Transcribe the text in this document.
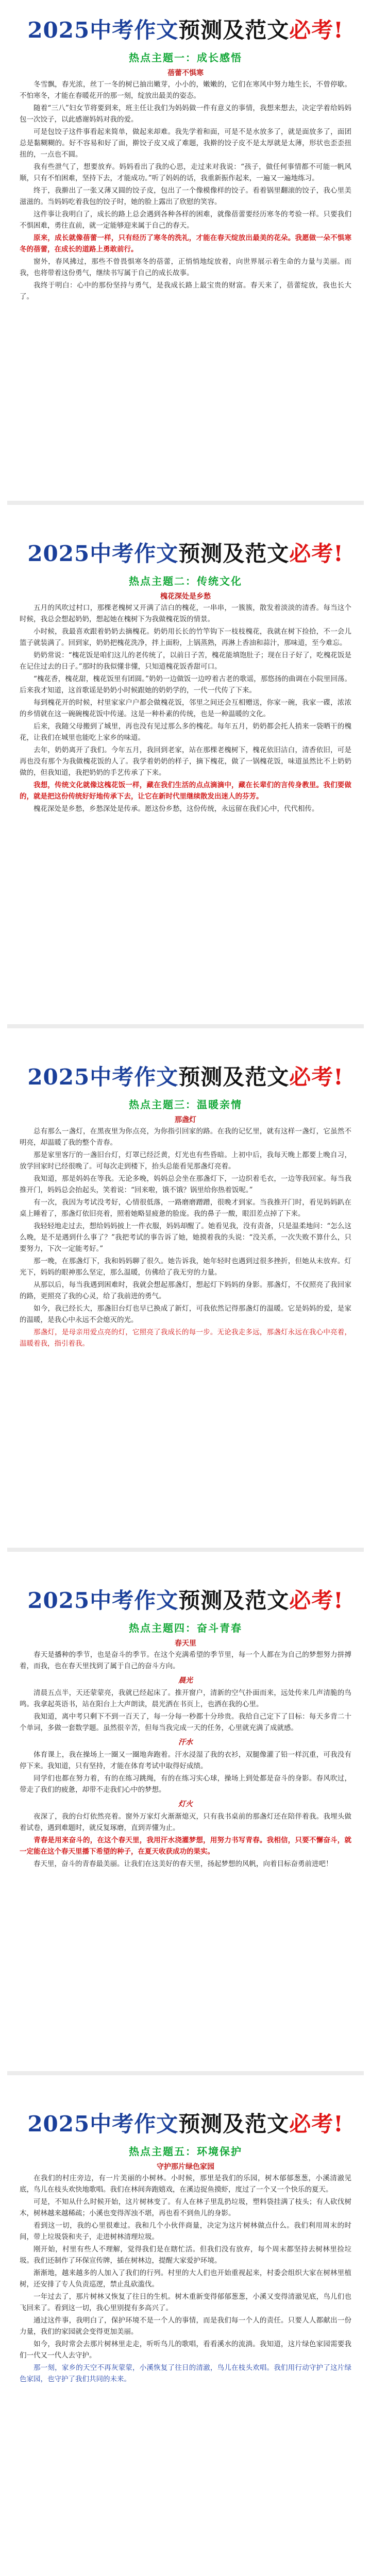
2025中考作文预测及范文必考!
热点主题一：成长感悟
蓓蕾不惧寒

冬雪飘，春光浓，丝丁一冬的树已抽出嫩芽，小小的，嫩嫩的，它们在寒风中努力地生长，不曾停歇。不怕寒冬，才能在春暖花开的那一刻，绽放出最美的姿态。

随着“三八”妇女节将要到来，班主任让我们为妈妈做一件有意义的事情，我想来想去，决定学着给妈妈包一次饺子，以此感谢妈妈对我的爱。

可是包饺子这件事看起来简单，做起来却难。我先学着和面，可是不是水放多了，就是面放多了，面团总是黏糊糊的。好不容易和好了面，擀饺子皮又成了难题，我擀的饺子皮不是太厚就是太薄，形状也歪歪扭扭的，一点也不圆。

我有些泄气了，想要放弃。妈妈看出了我的心思，走过来对我说：“孩子，做任何事情都不可能一帆风顺，只有不怕困难，坚持下去，才能成功。”听了妈妈的话，我重新振作起来，一遍又一遍地练习。

终于，我擀出了一张又薄又圆的饺子皮，包出了一个像模像样的饺子。看着锅里翻滚的饺子，我心里美滋滋的。当妈妈吃着我包的饺子时，她的脸上露出了欣慰的笑容。

这件事让我明白了，成长的路上总会遇到各种各样的困难，就像蓓蕾要经历寒冬的考验一样。只要我们不惧困难，勇往直前，就一定能够迎来属于自己的春天。

原来，成长就像蓓蕾一样，只有经历了寒冬的洗礼，才能在春天绽放出最美的花朵。我愿做一朵不惧寒冬的蓓蕾，在成长的道路上勇敢前行。

窗外，春风拂过，那些不曾畏惧寒冬的蓓蕾，正悄悄地绽放着，向世界展示着生命的力量与美丽。而我，也将带着这份勇气，继续书写属于自己的成长故事。

我终于明白：心中的那份坚持与勇气，是我成长路上最宝贵的财富。春天来了，蓓蕾绽放，我也长大了。

2025中考作文预测及范文必考!
热点主题二：传统文化
槐花深处是乡愁

五月的风吹过村口，那棵老槐树又开满了洁白的槐花，一串串，一簇簇，散发着淡淡的清香。每当这个时候，我总会想起奶奶，想起她在槐树下为我做槐花饭的情景。

小时候，我最喜欢跟着奶奶去摘槐花。奶奶用长长的竹竿钩下一枝枝槐花，我就在树下捡拾，不一会儿篮子就装满了。回到家，奶奶把槐花洗净，拌上面粉，上锅蒸熟，再淋上香油和蒜汁，那味道，至今难忘。

奶奶常说：“槐花饭是咱们这儿的老传统了，以前日子苦，槐花能填饱肚子；现在日子好了，吃槐花饭是在记住过去的日子。”那时的我似懂非懂，只知道槐花饭香甜可口。

“槐花香，槐花甜，槐花饭里有团圆。”奶奶一边做饭一边哼着古老的歌谣，那悠扬的曲调在小院里回荡。后来我才知道，这首歌谣是奶奶小时候跟她的奶奶学的，一代一代传了下来。

每到槐花开的时候，村里家家户户都会做槐花饭，邻里之间还会互相赠送，你家一碗，我家一碟，浓浓的乡情就在这一碗碗槐花饭中传递。这是一种朴素的传统，也是一种温暖的文化。

后来，我随父母搬到了城里，再也没有见过那么多的槐花。每年五月，奶奶都会托人捎来一袋晒干的槐花，让我们在城里也能吃上家乡的味道。

去年，奶奶离开了我们。今年五月，我回到老家，站在那棵老槐树下，槐花依旧洁白，清香依旧，可是再也没有那个为我做槐花饭的人了。我学着奶奶的样子，摘下槐花，做了一锅槐花饭，味道虽然比不上奶奶做的，但我知道，我把奶奶的手艺传承了下来。

我想，传统文化就像这槐花饭一样，藏在我们生活的点点滴滴中，藏在长辈们的言传身教里。我们要做的，就是把这份传统好好地传承下去，让它在新时代里继续散发出迷人的芬芳。

槐花深处是乡愁，乡愁深处是传承。愿这份乡愁，这份传统，永远留在我们心中，代代相传。

2025中考作文预测及范文必考!
热点主题三：温暖亲情
那盏灯

总有那么一盏灯，在黑夜里为你点亮，为你指引回家的路。在我的记忆里，就有这样一盏灯，它虽然不明亮，却温暖了我的整个青春。

那是家里客厅的一盏旧台灯，灯罩已经泛黄，灯光也有些昏暗。上初中后，我每天晚上都要上晚自习，放学回家时已经很晚了。可每次走到楼下，抬头总能看见那盏灯亮着。

我知道，那是妈妈在等我。无论多晚，妈妈总会坐在那盏灯下，一边织着毛衣，一边等我回家。每当我推开门，妈妈总会抬起头，笑着说：“回来啦，饿不饿？锅里给你热着饭呢。”

有一次，我因为考试没考好，心情很低落，一路磨磨蹭蹭，很晚才到家。当我推开门时，看见妈妈趴在桌上睡着了，那盏灯依旧亮着，照着她略显疲惫的脸庞。我的鼻子一酸，眼泪差点掉了下来。

我轻轻地走过去，想给妈妈披上一件衣服，妈妈却醒了。她看见我，没有责备，只是温柔地问：“怎么这么晚，是不是遇到什么事了？”我把考试的事告诉了她，她摸着我的头说：“没关系，一次失败不算什么，只要努力，下次一定能考好。”

那一晚，在那盏灯下，我和妈妈聊了很久。她告诉我，她年轻时也遇到过很多挫折，但她从未放弃。灯光下，妈妈的眼神那么坚定，那么温暖，仿佛给了我无穷的力量。

从那以后，每当我遇到困难时，我就会想起那盏灯，想起灯下妈妈的身影。那盏灯，不仅照亮了我回家的路，更照亮了我的心灵，给了我前进的勇气。

如今，我已经长大，那盏旧台灯也早已换成了新灯，可我依然记得那盏灯的温暖。它是妈妈的爱，是家的温暖，是我心中永远不会熄灭的光。

那盏灯，是母亲用爱点亮的灯，它照亮了我成长的每一步。无论我走多远，那盏灯永远在我心中亮着，温暖着我，指引着我。

2025中考作文预测及范文必考!
热点主题四：奋斗青春
春天里

春天是播种的季节，也是奋斗的季节。在这个充满希望的季节里，每一个人都在为自己的梦想努力拼搏着，而我，也在春天里找到了属于自己的奋斗方向。

晨光

清晨五点半，天还蒙蒙亮，我就已经起床了。推开窗户，清新的空气扑面而来，远处传来几声清脆的鸟鸣。我拿起英语书，站在阳台上大声朗读，晨光洒在书页上，也洒在我的心里。

我知道，离中考只剩下不到一百天了，每一分每一秒都十分珍贵。我给自己定下了目标：每天多背二十个单词，多做一套数学题。虽然很辛苦，但每当我完成一天的任务，心里就充满了成就感。

汗水

体育课上，我在操场上一圈又一圈地奔跑着。汗水浸湿了我的衣衫，双腿像灌了铅一样沉重，可我没有停下来。我知道，只有坚持，才能在体育考试中取得好成绩。

同学们也都在努力着，有的在练习跳绳，有的在练习实心球，操场上到处都是奋斗的身影。春风吹过，带走了我们的疲惫，却带不走我们心中的梦想。

灯火

夜深了，我的台灯依然亮着。窗外万家灯火渐渐熄灭，只有我书桌前的那盏灯还在陪伴着我。我埋头做着试卷，遇到难题时，就反复琢磨，直到弄懂为止。

青春是用来奋斗的，在这个春天里，我用汗水浇灌梦想，用努力书写青春。我相信，只要不懈奋斗，就一定能在这个春天里播下希望的种子，在夏天收获成功的果实。

春天里，奋斗的青春最美丽。让我们在这美好的春天里，扬起梦想的风帆，向着目标奋勇前进吧！

2025中考作文预测及范文必考!
热点主题五：环境保护
守护那片绿色家园

在我们的村庄旁边，有一片美丽的小树林。小时候，那里是我们的乐园，树木郁郁葱葱，小溪清澈见底，鸟儿在枝头欢快地歌唱。我们在林间奔跑嬉戏，在溪边捉鱼摸虾，度过了一个又一个快乐的夏天。

可是，不知从什么时候开始，这片树林变了。有人在林子里乱扔垃圾，塑料袋挂满了枝头；有人砍伐树木，树林越来越稀疏；小溪也变得浑浊不堪，再也看不到鱼儿的身影。

看到这一切，我的心里很难过。我和几个小伙伴商量，决定为这片树林做点什么。我们利用周末的时间，带上垃圾袋和夹子，走进树林清理垃圾。

刚开始，村里有些人不理解，觉得我们是在瞎忙活。但我们没有放弃，每个周末都坚持去树林里捡垃圾。我们还制作了环保宣传牌，插在树林边，提醒大家爱护环境。

渐渐地，越来越多的人加入了我们的行列。村里的大人们也开始重视起来，村委会组织大家在树林里植树，还安排了专人负责巡逻，禁止乱砍滥伐。

一年过去了，那片树林又恢复了往日的生机。树木重新变得郁郁葱葱，小溪又变得清澈见底，鸟儿们也飞回来了。看到这一切，我心里别提有多高兴了。

通过这件事，我明白了，保护环境不是一个人的事情，而是我们每一个人的责任。只要人人都献出一份力量，我们的家园就会变得更加美丽。

如今，我时常会去那片树林里走走，听听鸟儿的歌唱，看看溪水的流淌。我知道，这片绿色家园需要我们一代又一代人去守护。

那一刻，家乡的天空不再灰蒙蒙，小溪恢复了往日的清澈，鸟儿在枝头欢唱。我们用行动守护了这片绿色家园，也守护了我们共同的未来。
